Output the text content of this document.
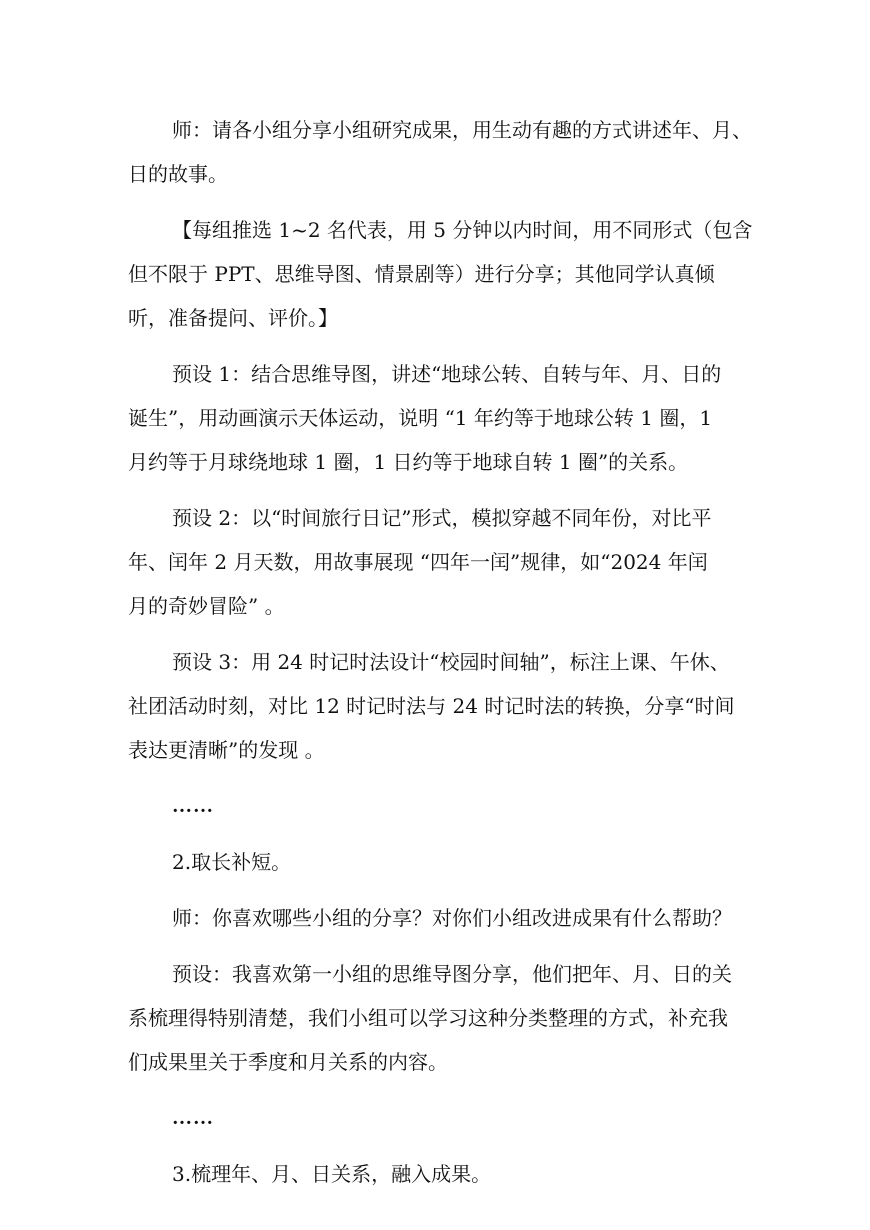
师：请各小组分享小组研究成果，用生动有趣的方式讲述年、月、
日的故事。

【每组推选 1~2 名代表，用 5 分钟以内时间，用不同形式（包含
但不限于 PPT、思维导图、情景剧等）进行分享；其他同学认真倾
听，准备提问、评价。】

预设 1：结合思维导图，讲述“地球公转、自转与年、月、日的
诞生”，用动画演示天体运动，说明 “1 年约等于地球公转 1 圈，1
月约等于月球绕地球 1 圈，1 日约等于地球自转 1 圈”的关系。

预设 2：以“时间旅行日记”形式，模拟穿越不同年份，对比平
年、闰年 2 月天数，用故事展现 “四年一闰”规律，如“2024 年闰
月的奇妙冒险” 。

预设 3：用 24 时记时法设计“校园时间轴”，标注上课、午休、
社团活动时刻，对比 12 时记时法与 24 时记时法的转换，分享“时间
表达更清晰”的发现 。

……

2.取长补短。

师：你喜欢哪些小组的分享？对你们小组改进成果有什么帮助？

预设：我喜欢第一小组的思维导图分享，他们把年、月、日的关
系梳理得特别清楚，我们小组可以学习这种分类整理的方式，补充我
们成果里关于季度和月关系的内容。

……

3.梳理年、月、日关系，融入成果。
